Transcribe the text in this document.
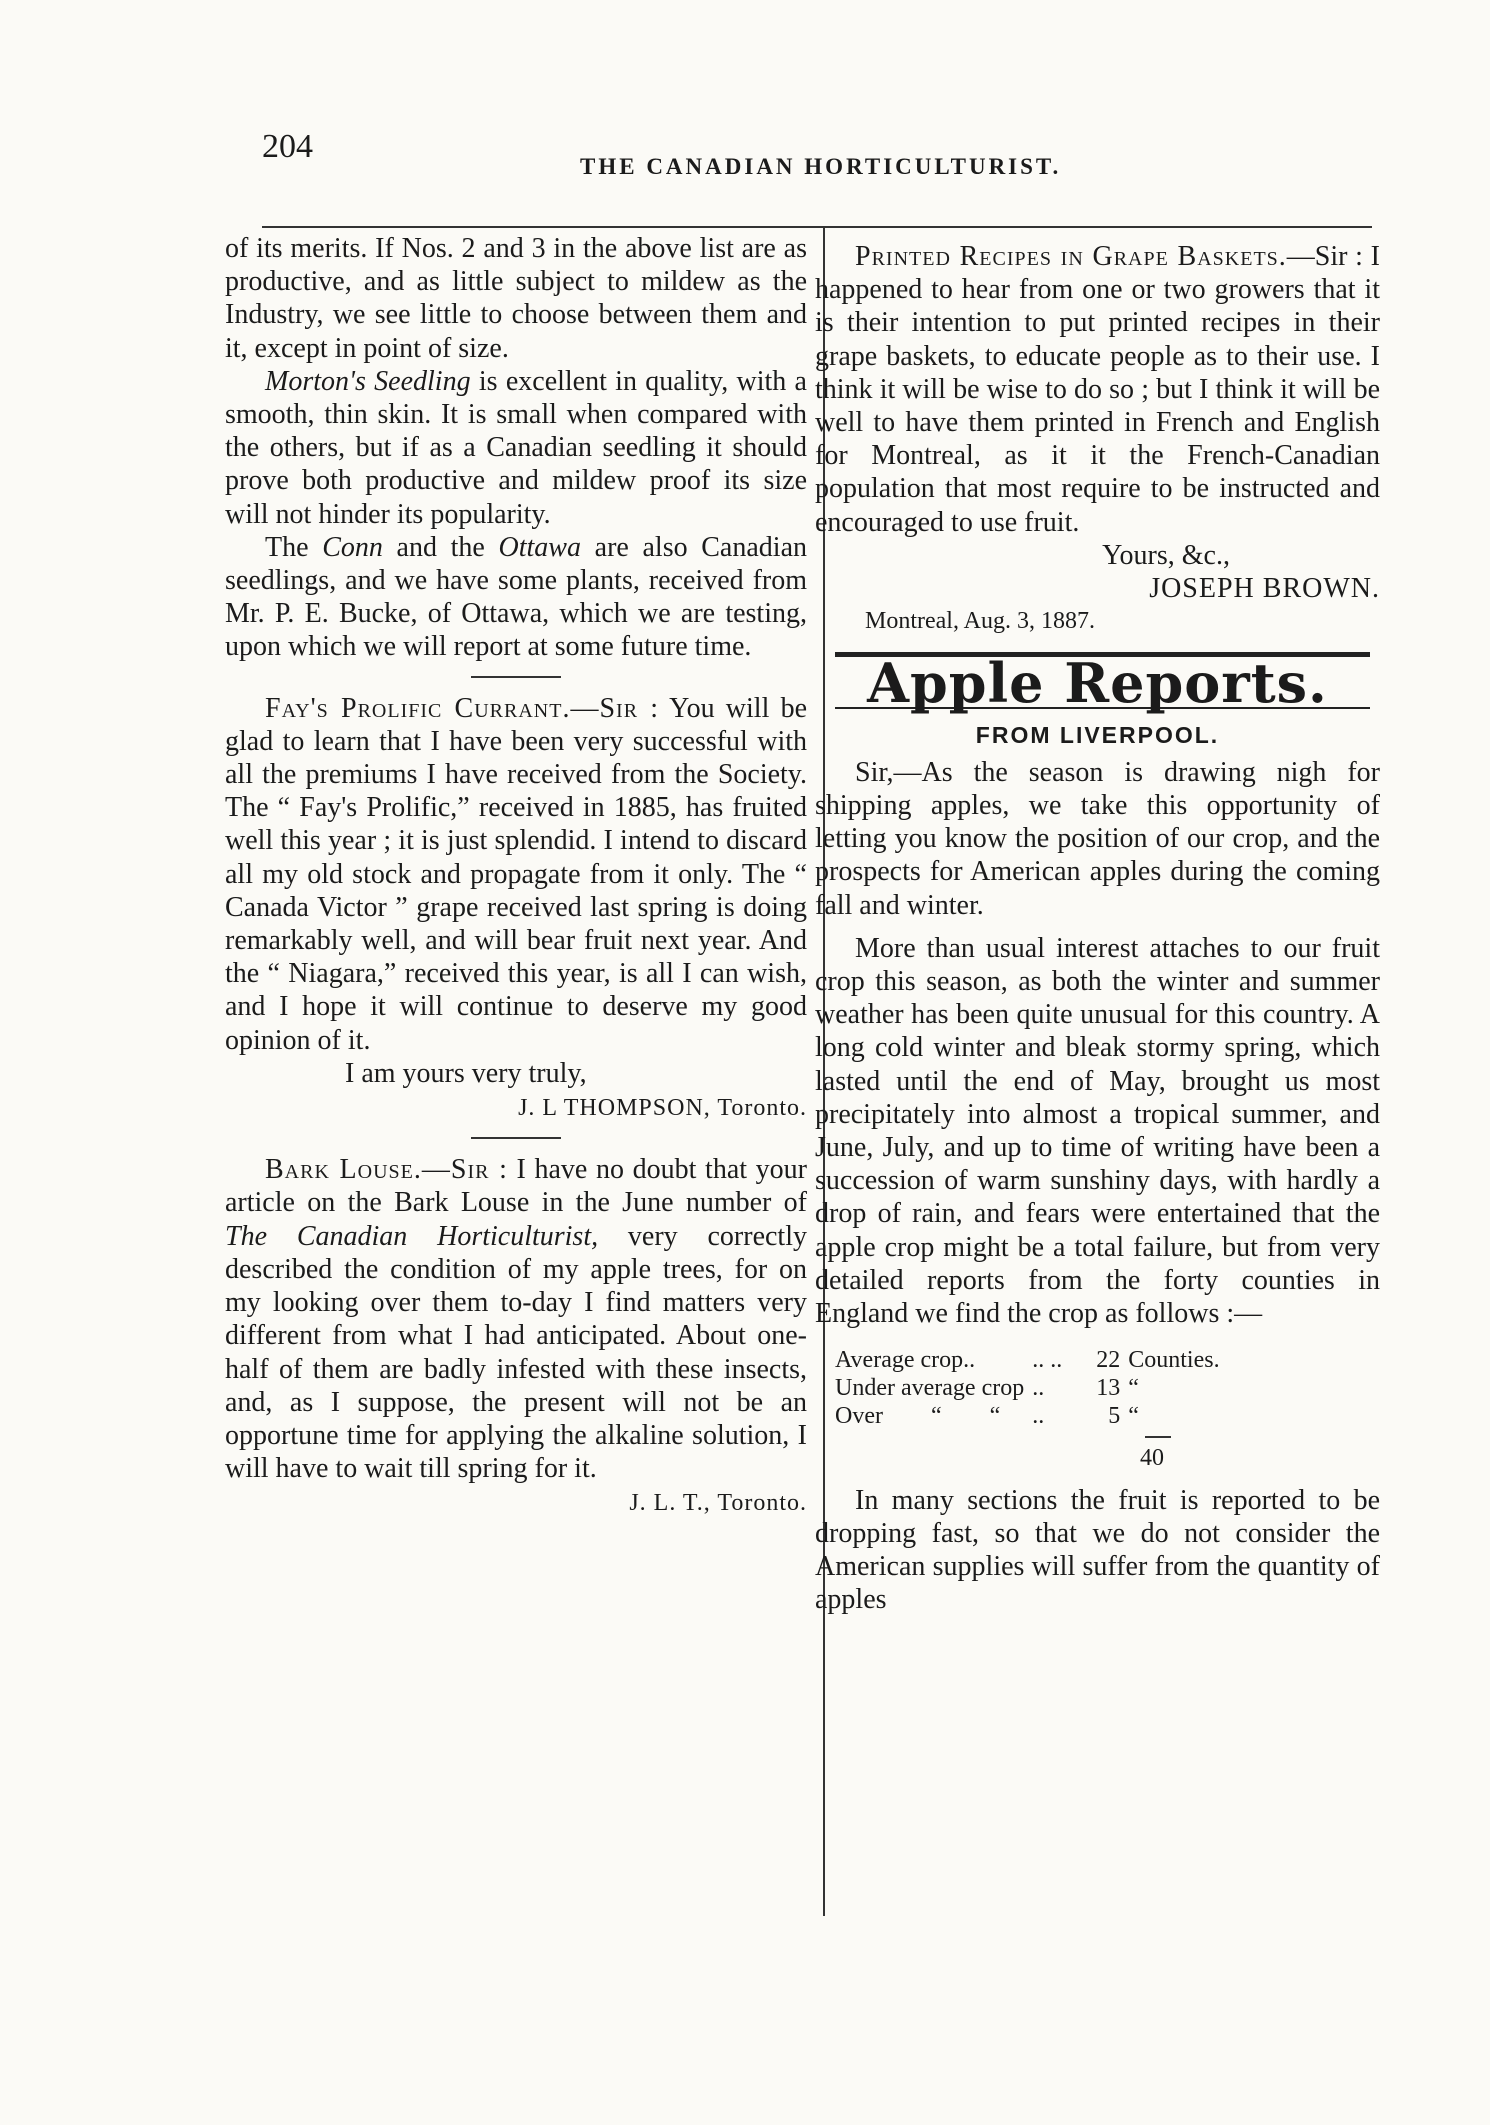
204
THE CANADIAN HORTICULTURIST.

of its merits. If Nos. 2 and 3 in the above list are as productive, and as little subject to mildew as the Industry, we see little to choose between them and it, except in point of size.

Morton's Seedling is excellent in quality, with a smooth, thin skin. It is small when compared with the others, but if as a Canadian seedling it should prove both productive and mildew proof its size will not hinder its popularity.

The Conn and the Ottawa are also Canadian seedlings, and we have some plants, received from Mr. P. E. Bucke, of Ottawa, which we are testing, upon which we will report at some future time.

Fay's Prolific Currant.—Sir : You will be glad to learn that I have been very successful with all the premiums I have received from the Society. The “ Fay's Prolific,” received in 1885, has fruited well this year ; it is just splendid. I intend to discard all my old stock and propagate from it only. The “ Canada Victor ” grape received last spring is doing remarkably well, and will bear fruit next year. And the “ Niagara,” received this year, is all I can wish, and I hope it will continue to deserve my good opinion of it.

I am yours very truly,

J. L THOMPSON, Toronto.

Bark Louse.—Sir : I have no doubt that your article on the Bark Louse in the June number of The Canadian Horticulturist, very correctly described the condition of my apple trees, for on my looking over them to-day I find matters very different from what I had anticipated. About one-half of them are badly infested with these insects, and, as I suppose, the present will not be an opportune time for applying the alkaline solution, I will have to wait till spring for it.

J. L. T., Toronto.

Printed Recipes in Grape Baskets.—Sir : I happened to hear from one or two growers that it is their intention to put printed recipes in their grape baskets, to educate people as to their use. I think it will be wise to do so ; but I think it will be well to have them printed in French and English for Montreal, as it it the French-Canadian population that most require to be instructed and encouraged to use fruit.

Yours, &c.,

JOSEPH BROWN.

Montreal, Aug. 3, 1887.

Apple Reports.
FROM LIVERPOOL.

Sir,—As the season is drawing nigh for shipping apples, we take this opportunity of letting you know the position of our crop, and the prospects for American apples during the coming fall and winter.

More than usual interest attaches to our fruit crop this season, as both the winter and summer weather has been quite unusual for this country. A long cold winter and bleak stormy spring, which lasted until the end of May, brought us most precipitately into almost a tropical summer, and June, July, and up to time of writing have been a succession of warm sunshiny days, with hardly a drop of rain, and fears were entertained that the apple crop might be a total failure, but from very detailed reports from the forty counties in England we find the crop as follows :—

Average crop..	.. ..	22	Counties.
Under average crop	..	13	“
Over        “        “	..	5	“

40

In many sections the fruit is reported to be dropping fast, so that we do not consider the American supplies will suffer from the quantity of apples
